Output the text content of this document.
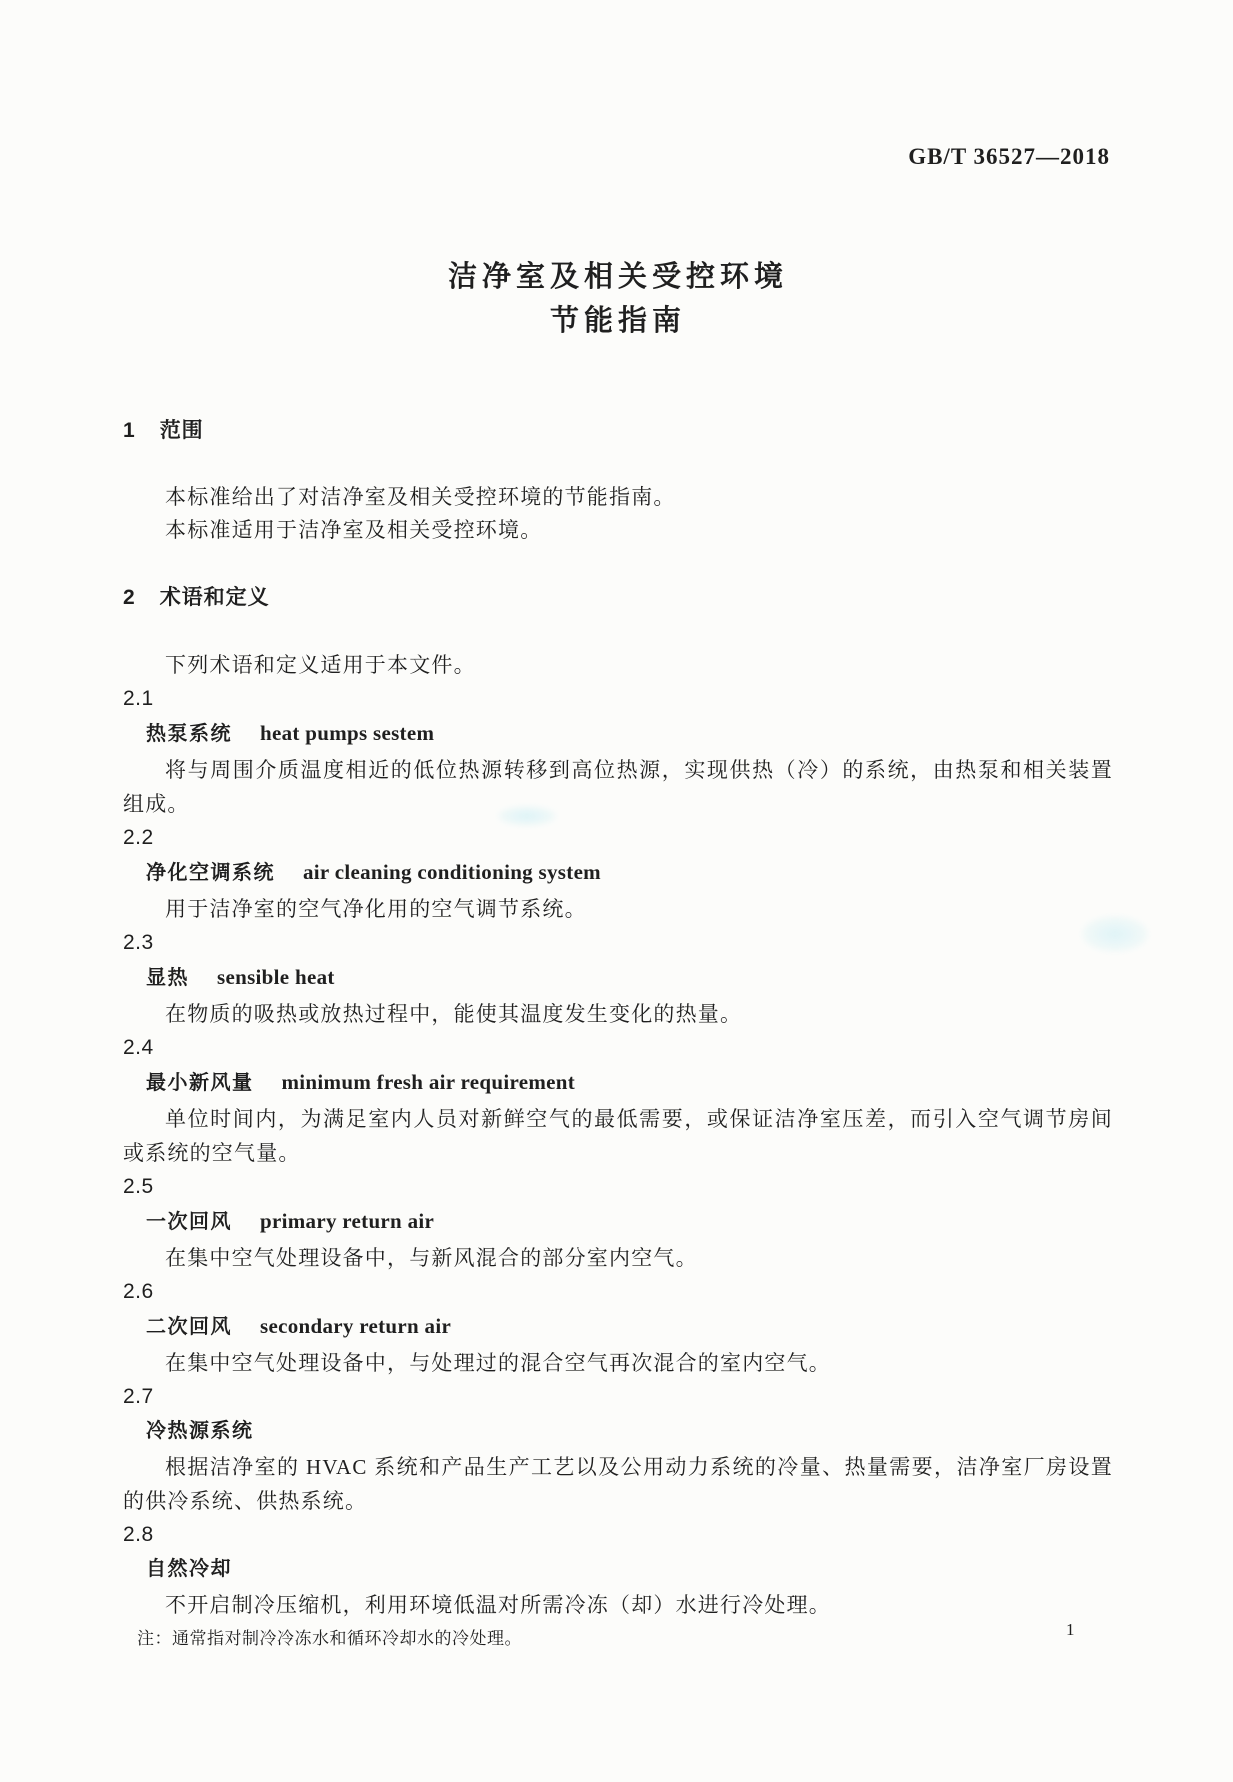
GB/T 36527—2018
洁净室及相关受控环境
节能指南
1 范围

本标准给出了对洁净室及相关受控环境的节能指南。

本标准适用于洁净室及相关受控环境。

2 术语和定义

下列术语和定义适用于本文件。

2.1
热泵系统 heat pumps sestem

将与周围介质温度相近的低位热源转移到高位热源，实现供热（冷）的系统，由热泵和相关装置组成。

2.2
净化空调系统 air cleaning conditioning system

用于洁净室的空气净化用的空气调节系统。

2.3
显热 sensible heat

在物质的吸热或放热过程中，能使其温度发生变化的热量。

2.4
最小新风量 minimum fresh air requirement

单位时间内，为满足室内人员对新鲜空气的最低需要，或保证洁净室压差，而引入空气调节房间或系统的空气量。

2.5
一次回风 primary return air

在集中空气处理设备中，与新风混合的部分室内空气。

2.6
二次回风 secondary return air

在集中空气处理设备中，与处理过的混合空气再次混合的室内空气。

2.7
冷热源系统

根据洁净室的 HVAC 系统和产品生产工艺以及公用动力系统的冷量、热量需要，洁净室厂房设置的供冷系统、供热系统。

2.8
自然冷却

不开启制冷压缩机，利用环境低温对所需冷冻（却）水进行冷处理。

注：通常指对制冷冷冻水和循环冷却水的冷处理。	1
